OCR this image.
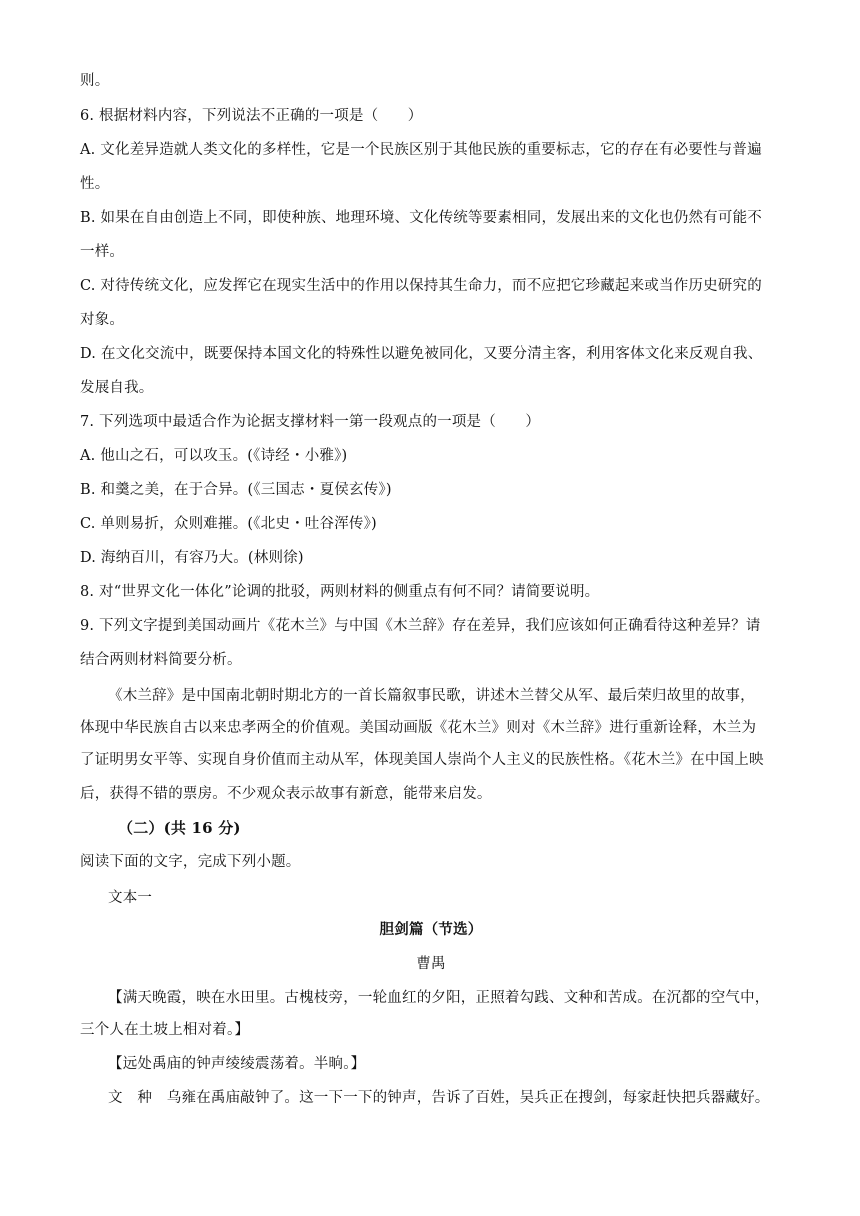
则。
6. 根据材料内容，下列说法不正确的一项是（　　）
A. 文化差异造就人类文化的多样性，它是一个民族区别于其他民族的重要标志，它的存在有必要性与普遍
性。
B. 如果在自由创造上不同，即使种族、地理环境、文化传统等要素相同，发展出来的文化也仍然有可能不
一样。
C. 对待传统文化，应发挥它在现实生活中的作用以保持其生命力，而不应把它珍藏起来或当作历史研究的
对象。
D. 在文化交流中，既要保持本国文化的特殊性以避免被同化，又要分清主客，利用客体文化来反观自我、
发展自我。
7. 下列选项中最适合作为论据支撑材料一第一段观点的一项是（　　）
A. 他山之石，可以攻玉。(《诗经・小雅》)
B. 和羹之美，在于合异。(《三国志・夏侯玄传》)
C. 单则易折，众则难摧。(《北史・吐谷浑传》)
D. 海纳百川，有容乃大。(林则徐)
8. 对“世界文化一体化”论调的批驳，两则材料的侧重点有何不同？请简要说明。
9. 下列文字提到美国动画片《花木兰》与中国《木兰辞》存在差异，我们应该如何正确看待这种差异？请
结合两则材料简要分析。
《木兰辞》是中国南北朝时期北方的一首长篇叙事民歌，讲述木兰替父从军、最后荣归故里的故事，
体现中华民族自古以来忠孝两全的价值观。美国动画版《花木兰》则对《木兰辞》进行重新诠释，木兰为
了证明男女平等、实现自身价值而主动从军，体现美国人崇尚个人主义的民族性格。《花木兰》在中国上映
后，获得不错的票房。不少观众表示故事有新意，能带来启发。
（二）(共 16 分)
阅读下面的文字，完成下列小题。
文本一
胆剑篇（节选）
曹禺
【满天晚霞，映在水田里。古槐枝旁，一轮血红的夕阳，正照着勾践、文种和苦成。在沉都的空气中，
三个人在土坡上相对着。】
【远处禹庙的钟声绫绫震荡着。半晌。】
文　种　乌雍在禹庙敲钟了。这一下一下的钟声，告诉了百姓，吴兵正在搜剑，每家赶快把兵器藏好。
